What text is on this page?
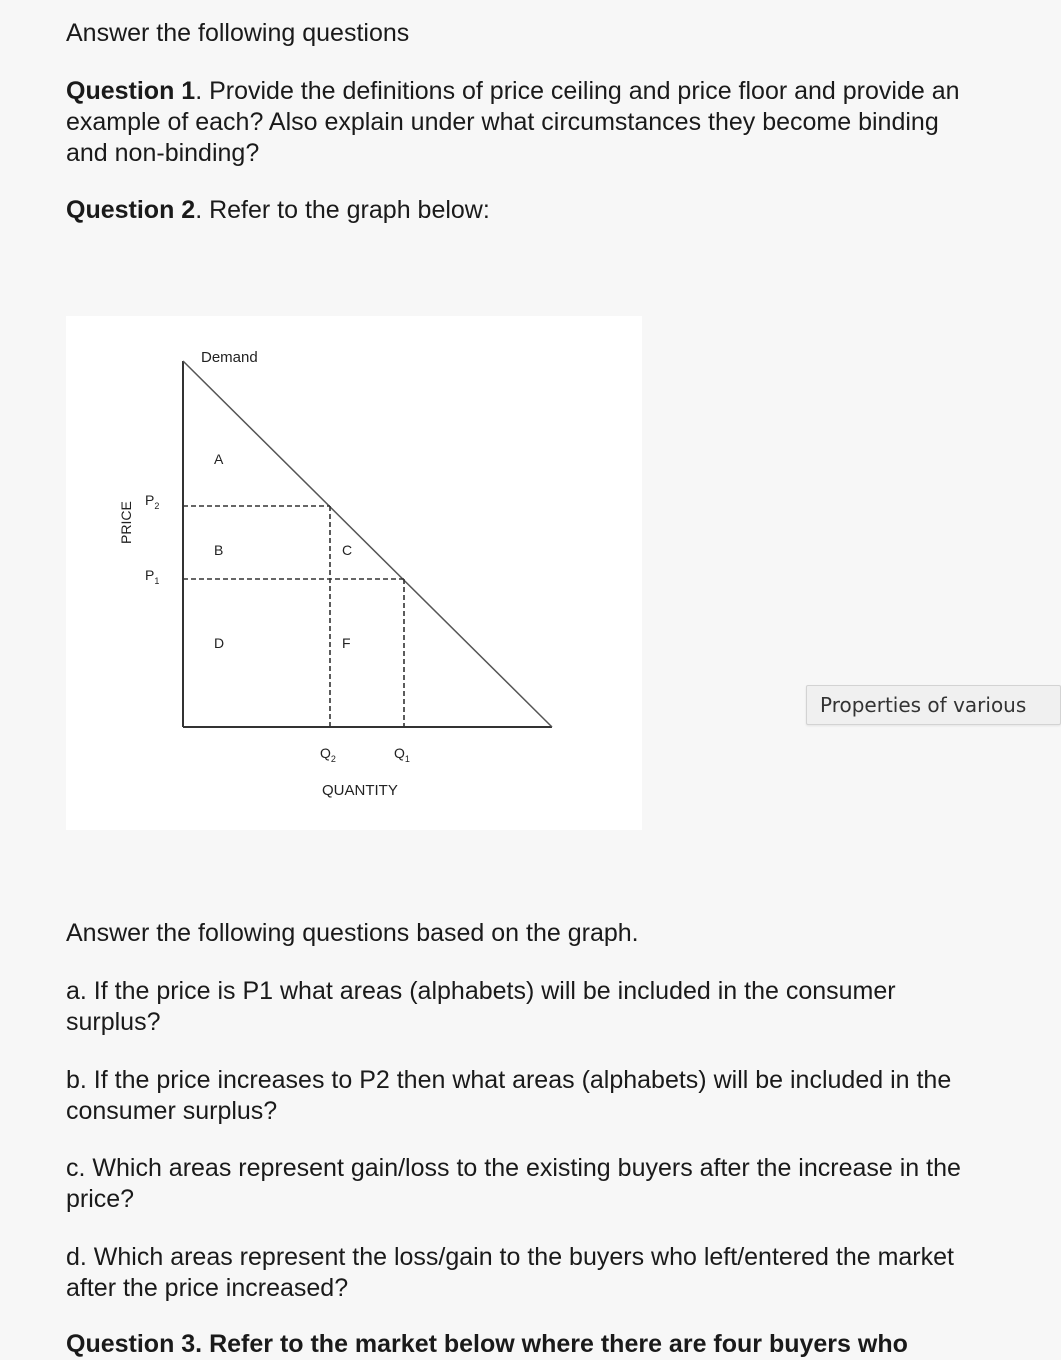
Answer the following questions

Question 1. Provide the definitions of price ceiling and price floor and provide an example of each? Also explain under what circumstances they become binding and non-binding?

Question 2. Refer to the graph below:

Demand
PRICE
$P_2$
$P_1$
A
B	C
D	F
$Q_2$	$Q_1$
QUANTITY
Properties of various

Answer the following questions based on the graph.

a. If the price is P1 what areas (alphabets) will be included in the consumer surplus?

b. If the price increases to P2 then what areas (alphabets) will be included in the consumer surplus?

c. Which areas represent gain/loss to the existing buyers after the increase in the price?

d. Which areas represent the loss/gain to the buyers who left/entered the market after the price increased?

Question 3. Refer to the market below where there are four buyers who
